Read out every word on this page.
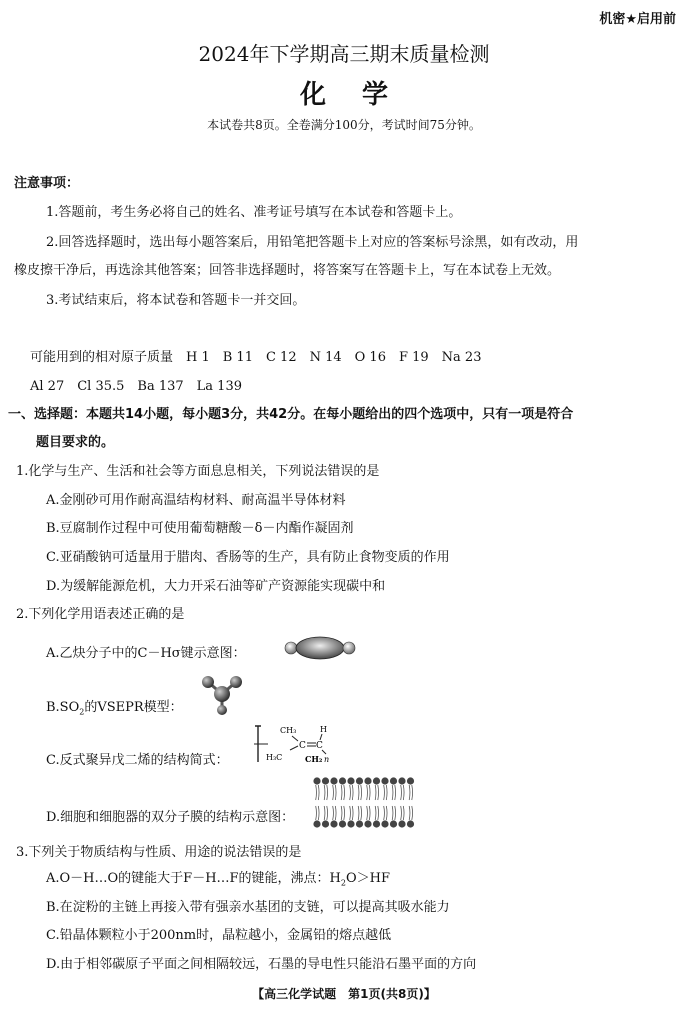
机密★启用前
2024年下学期高三期末质量检测
化学
本试卷共8页。全卷满分100分，考试时间75分钟。
注意事项：
1.答题前，考生务必将自己的姓名、准考证号填写在本试卷和答题卡上。
2.回答选择题时，选出每小题答案后，用铅笔把答题卡上对应的答案标号涂黑，如有改动，用
橡皮擦干净后，再选涂其他答案；回答非选择题时，将答案写在答题卡上，写在本试卷上无效。
3.考试结束后，将本试卷和答题卡一并交回。
可能用到的相对原子质量　H 1　B 11　C 12　N 14　O 16　F 19　Na 23
Al 27　Cl 35.5　Ba 137　La 139
一、选择题：本题共14小题，每小题3分，共42分。在每小题给出的四个选项中，只有一项是符合
题目要求的。
1.化学与生产、生活和社会等方面息息相关，下列说法错误的是
A.金刚砂可用作耐高温结构材料、耐高温半导体材料
B.豆腐制作过程中可使用葡萄糖酸－δ－内酯作凝固剂
C.亚硝酸钠可适量用于腊肉、香肠等的生产，具有防止食物变质的作用
D.为缓解能源危机，大力开采石油等矿产资源能实现碳中和
2.下列化学用语表述正确的是
A.乙炔分子中的C－Hσ键示意图：
$B.SO_2$的VSEPR模型：
C.反式聚异戊二烯的结构简式：
CH₃	H
C C
H₃C	CH₂ n
D.细胞和细胞器的双分子膜的结构示意图：
3.下列关于物质结构与性质、用途的说法错误的是
A.O－H…O的键能大于F－H…F的键能，沸点：$H_2O>HF$
B.在淀粉的主链上再接入带有强亲水基团的支链，可以提高其吸水能力
C.铅晶体颗粒小于200nm时，晶粒越小，金属铅的熔点越低
D.由于相邻碳原子平面之间相隔较远，石墨的导电性只能沿石墨平面的方向
【高三化学试题　第1页(共8页)】
